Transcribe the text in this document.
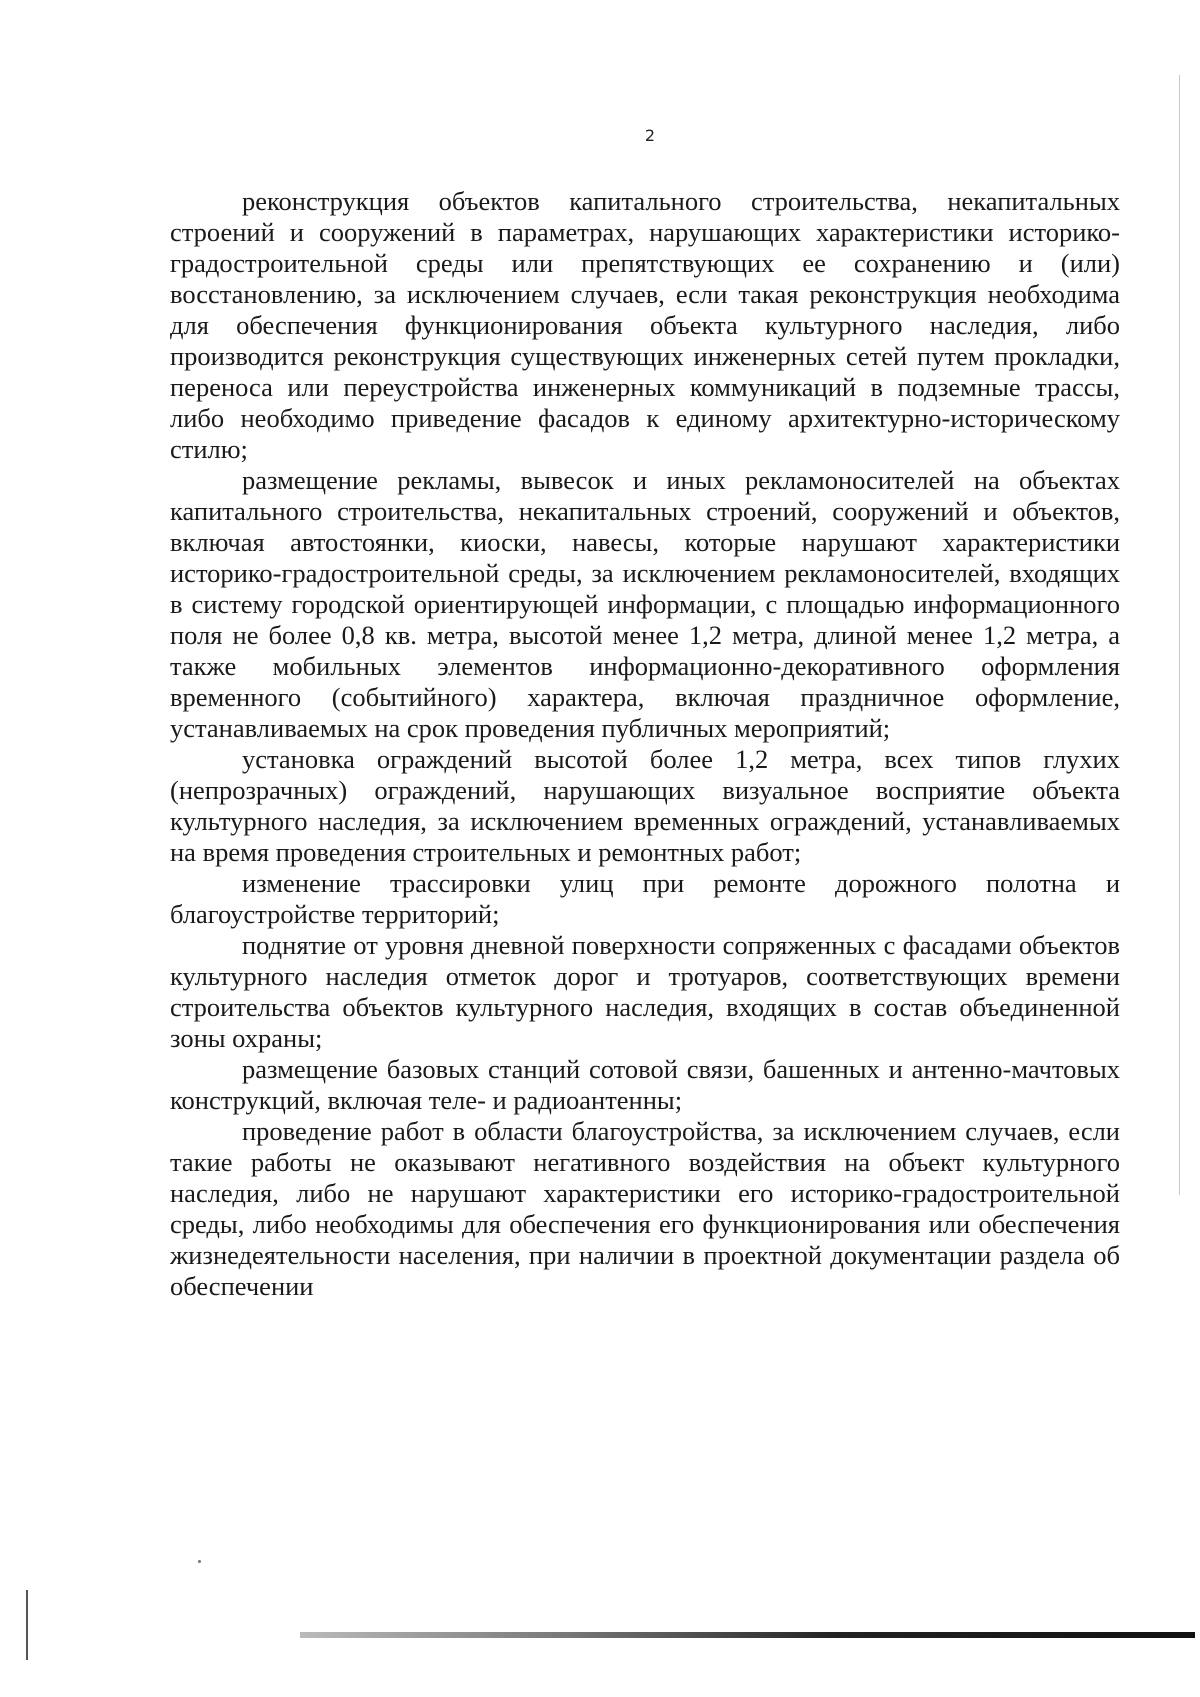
2

реконструкция объектов капитального строительства, некапитальных строений и сооружений в параметрах, нарушающих характеристики историко-градостроительной среды или препятствующих ее сохранению и (или) восстановлению, за исключением случаев, если такая реконструкция необходима для обеспечения функционирования объекта культурного наследия, либо производится реконструкция существующих инженерных сетей путем прокладки, переноса или переустройства инженерных коммуникаций в подземные трассы, либо необходимо приведение фасадов к единому архитектурно-историческому стилю;

размещение рекламы, вывесок и иных рекламоносителей на объектах капитального строительства, некапитальных строений, сооружений и объектов, включая автостоянки, киоски, навесы, которые нарушают характеристики историко-градостроительной среды, за исключением рекламоносителей, входящих в систему городской ориентирующей информации, с площадью информационного поля не более 0,8 кв. метра, высотой менее 1,2 метра, длиной менее 1,2 метра, а также мобильных элементов информационно-декоративного оформления временного (событийного) характера, включая праздничное оформление, устанавливаемых на срок проведения публичных мероприятий;

установка ограждений высотой более 1,2 метра, всех типов глухих (непрозрачных) ограждений, нарушающих визуальное восприятие объекта культурного наследия, за исключением временных ограждений, устанавливаемых на время проведения строительных и ремонтных работ;

изменение трассировки улиц при ремонте дорожного полотна и благоустройстве территорий;

поднятие от уровня дневной поверхности сопряженных с фасадами объектов культурного наследия отметок дорог и тротуаров, соответствующих времени строительства объектов культурного наследия, входящих в состав объединенной зоны охраны;

размещение базовых станций сотовой связи, башенных и антенно-мачтовых конструкций, включая теле- и радиоантенны;

проведение работ в области благоустройства, за исключением случаев, если такие работы не оказывают негативного воздействия на объект культурного наследия, либо не нарушают характеристики его историко-градостроительной среды, либо необходимы для обеспечения его функционирования или обеспечения жизнедеятельности населения, при наличии в проектной документации раздела об обеспечении
